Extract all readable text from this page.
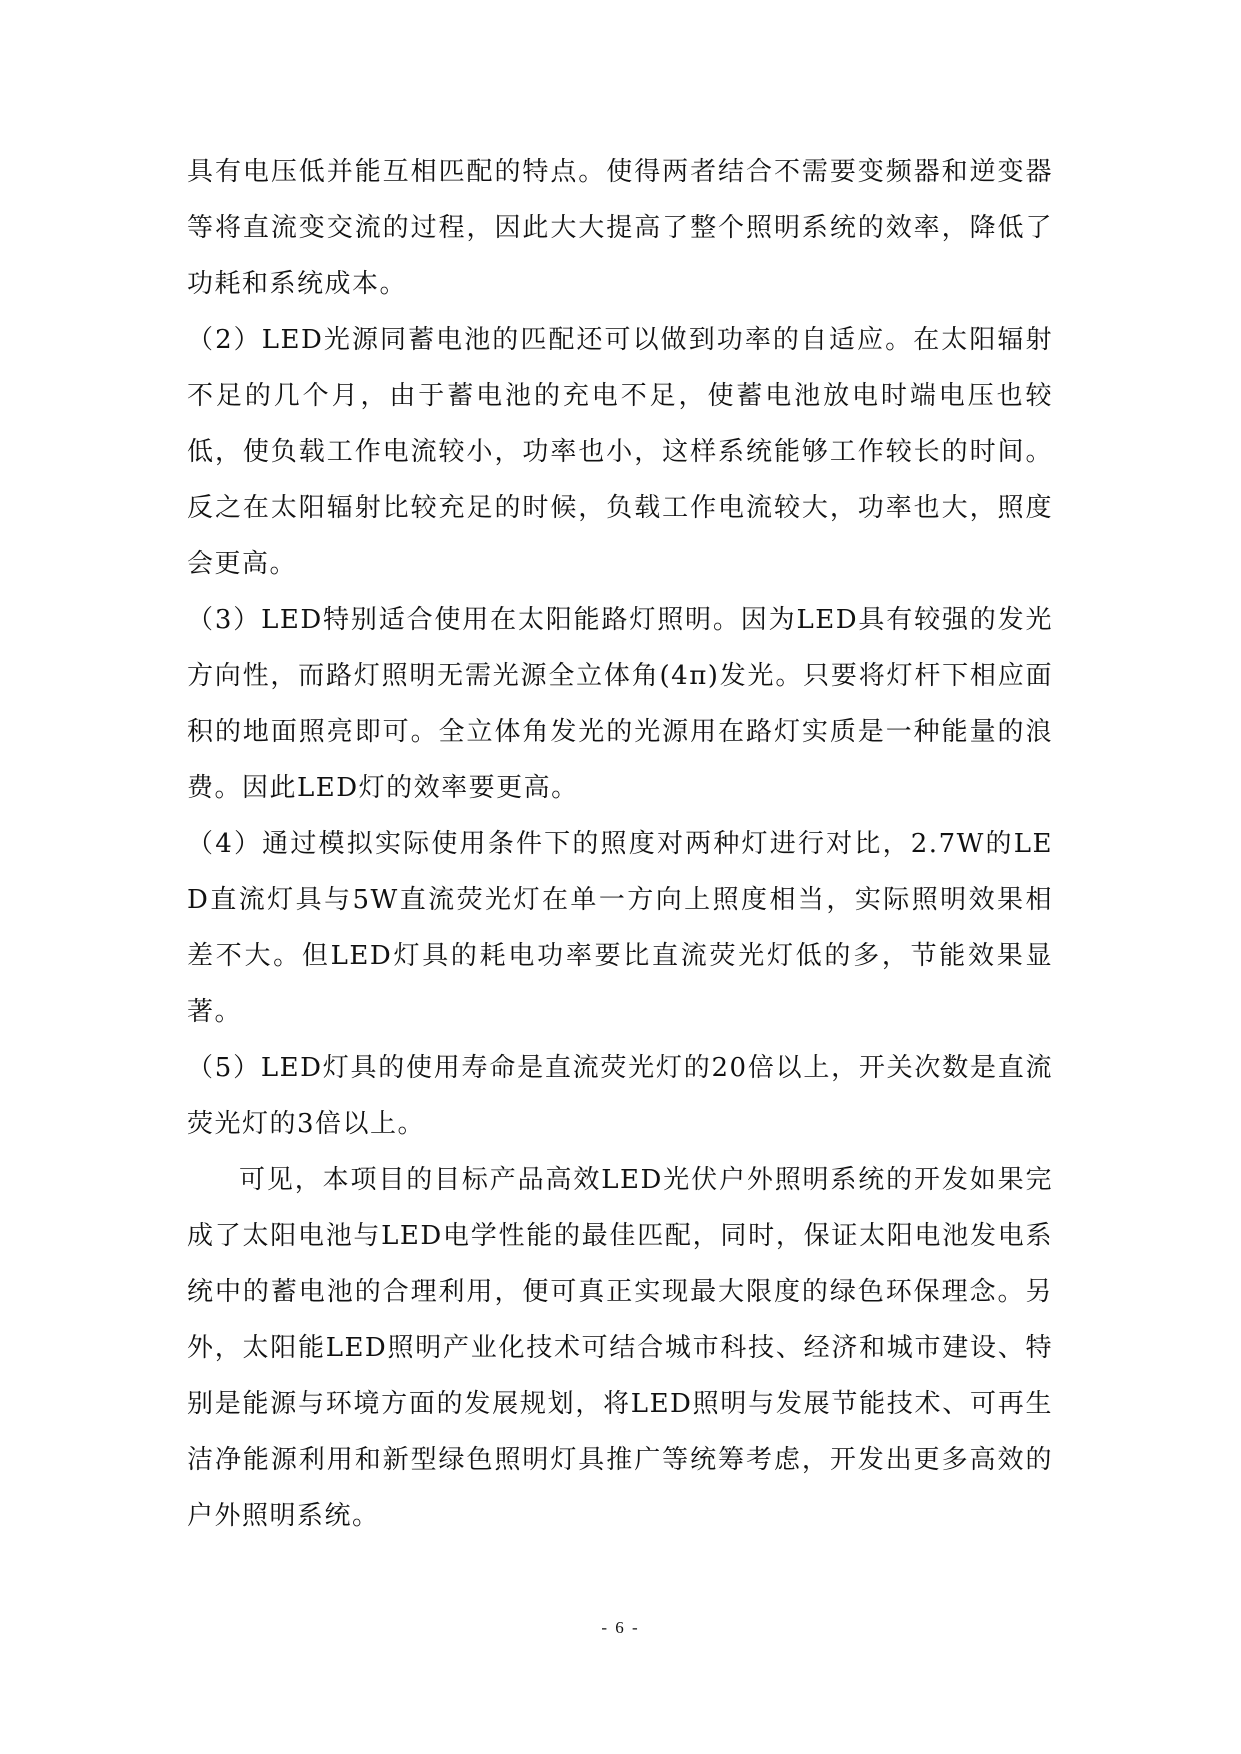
具有电压低并能互相匹配的特点。使得两者结合不需要变频器和逆变器等将直流变交流的过程，因此大大提高了整个照明系统的效率，降低了功耗和系统成本。

（2）LED光源同蓄电池的匹配还可以做到功率的自适应。在太阳辐射不足的几个月，由于蓄电池的充电不足，使蓄电池放电时端电压也较低，使负载工作电流较小，功率也小，这样系统能够工作较长的时间。反之在太阳辐射比较充足的时候，负载工作电流较大，功率也大，照度会更高。

（3）LED特别适合使用在太阳能路灯照明。因为LED具有较强的发光方向性，而路灯照明无需光源全立体角(4π)发光。只要将灯杆下相应面积的地面照亮即可。全立体角发光的光源用在路灯实质是一种能量的浪费。因此LED灯的效率要更高。

（4）通过模拟实际使用条件下的照度对两种灯进行对比，2.7W的LED直流灯具与5W直流荧光灯在单一方向上照度相当，实际照明效果相差不大。但LED灯具的耗电功率要比直流荧光灯低的多，节能效果显著。

（5）LED灯具的使用寿命是直流荧光灯的20倍以上，开关次数是直流荧光灯的3倍以上。

可见，本项目的目标产品高效LED光伏户外照明系统的开发如果完成了太阳电池与LED电学性能的最佳匹配，同时，保证太阳电池发电系统中的蓄电池的合理利用，便可真正实现最大限度的绿色环保理念。另外，太阳能LED照明产业化技术可结合城市科技、经济和城市建设、特别是能源与环境方面的发展规划，将LED照明与发展节能技术、可再生洁净能源利用和新型绿色照明灯具推广等统筹考虑，开发出更多高效的户外照明系统。

- 6 -
